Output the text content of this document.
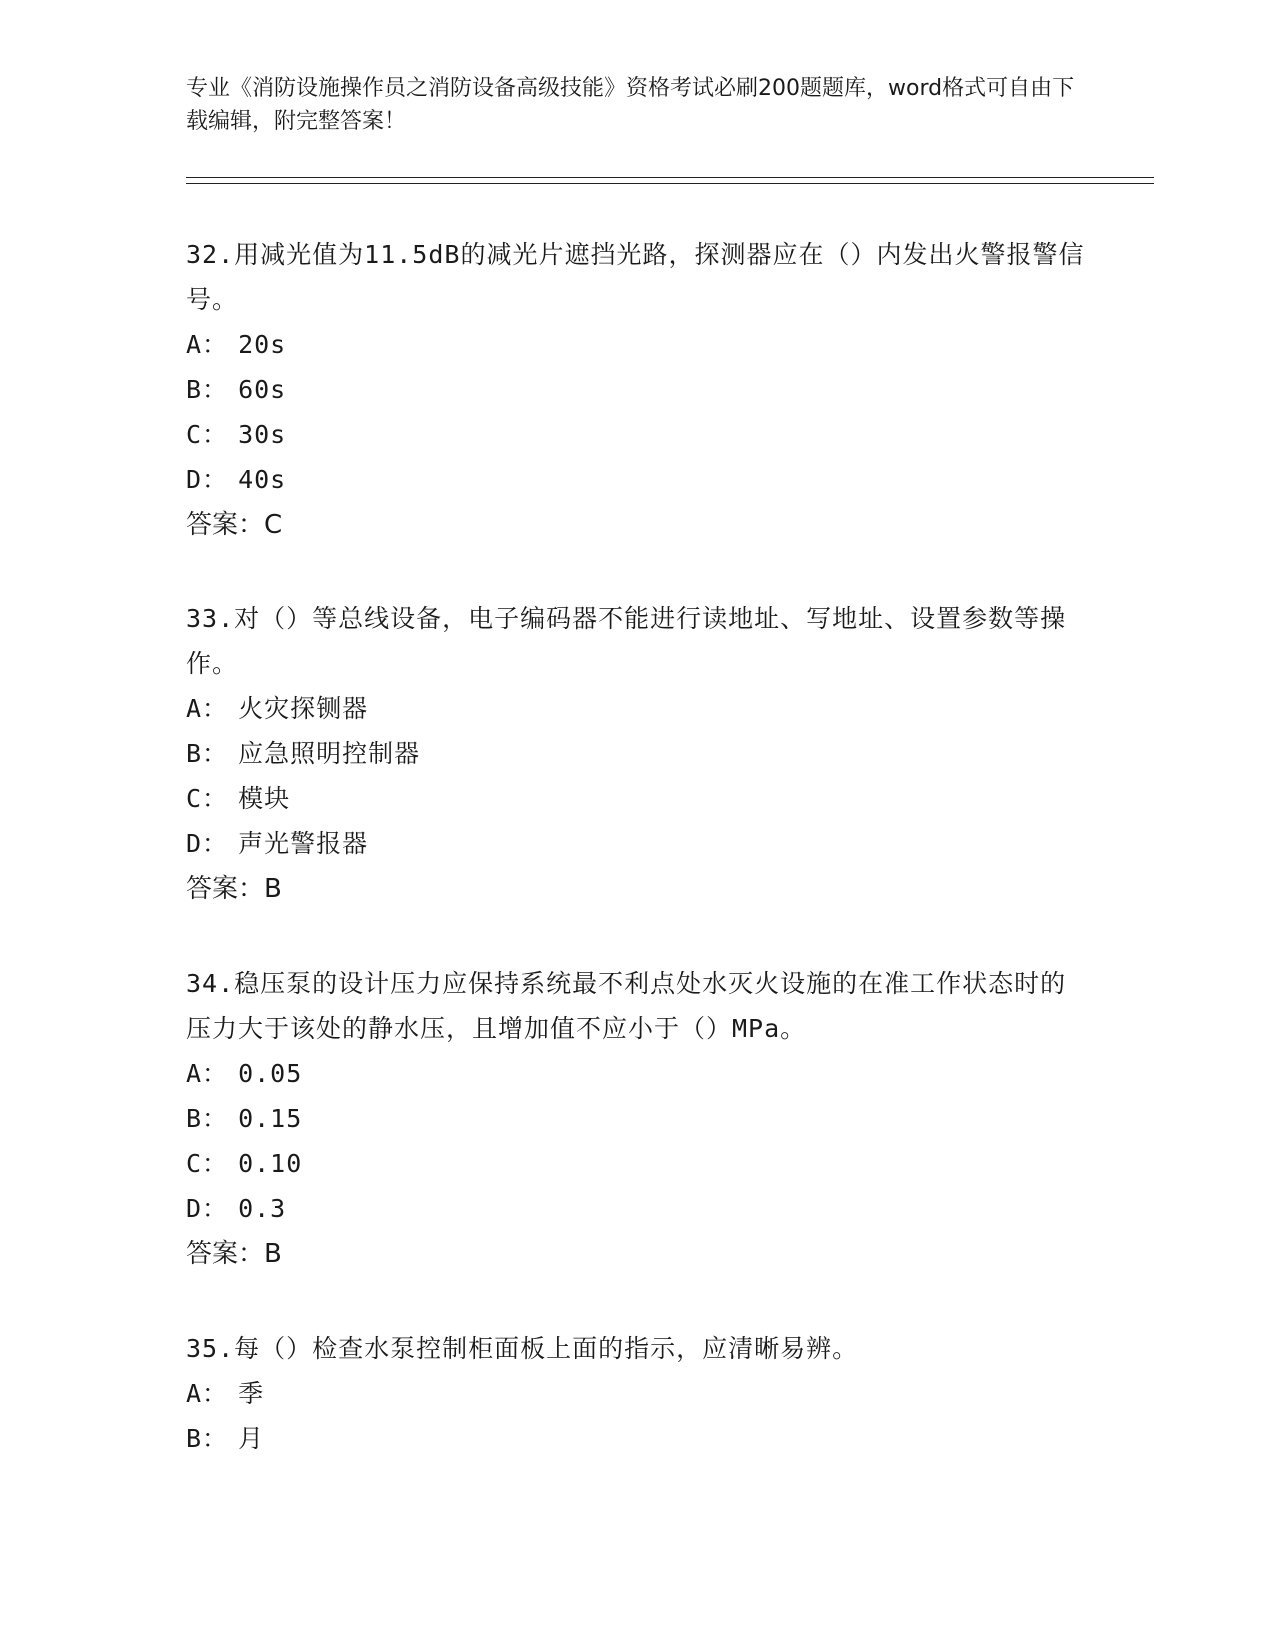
专业《消防设施操作员之消防设备高级技能》资格考试必刷200题题库，word格式可自由下载编辑，附完整答案！

32.用减光值为11.5dB的减光片遮挡光路，探测器应在（）内发出火警报警信号。

A： 20s
B： 60s
C： 30s
D： 40s
答案：C

33.对（）等总线设备，电子编码器不能进行读地址、写地址、设置参数等操作。

A： 火灾探铡器
B： 应急照明控制器
C： 模块
D： 声光警报器
答案：B

34.稳压泵的设计压力应保持系统最不利点处水灭火设施的在准工作状态时的压力大于该处的静水压，且增加值不应小于（）MPa。

A： 0.05
B： 0.15
C： 0.10
D： 0.3
答案：B

35.每（）检查水泵控制柜面板上面的指示，应清晰易辨。

A： 季
B： 月
